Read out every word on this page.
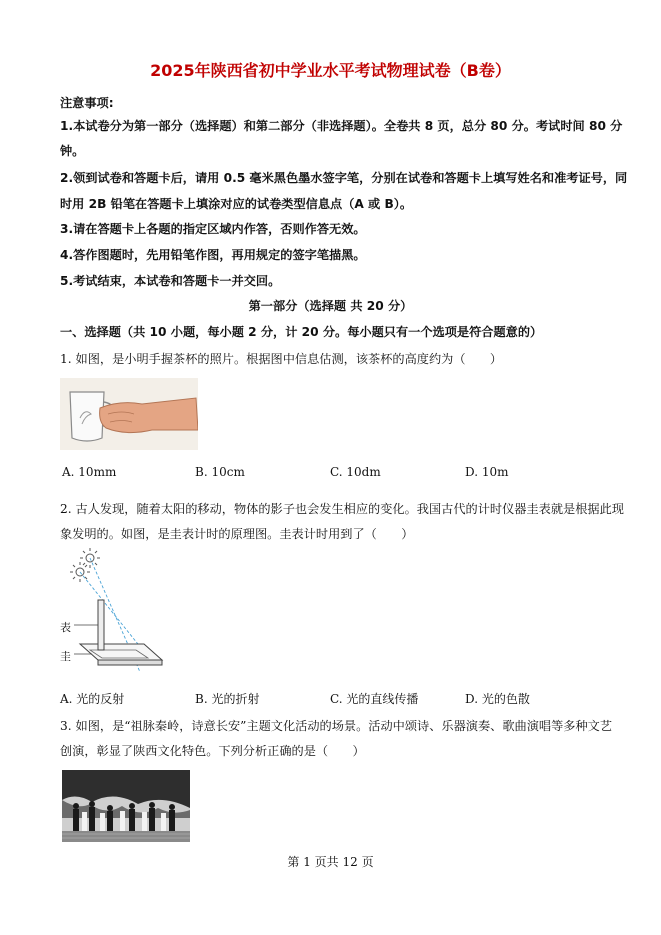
2025年陕西省初中学业水平考试物理试卷（B卷）
注意事项:
1.本试卷分为第一部分（选择题）和第二部分（非选择题）。全卷共 8 页，总分 80 分。考试时间 80 分
钟。
2.领到试卷和答题卡后，请用 0.5 毫米黑色墨水签字笔，分别在试卷和答题卡上填写姓名和准考证号，同
时用 2B 铅笔在答题卡上填涂对应的试卷类型信息点（A 或 B）。
3.请在答题卡上各题的指定区域内作答，否则作答无效。
4.答作图题时，先用铅笔作图，再用规定的签字笔描黑。
5.考试结束，本试卷和答题卡一并交回。
第一部分（选择题 共 20 分）
一、选择题（共 10 小题，每小题 2 分，计 20 分。每小题只有一个选项是符合题意的）
1. 如图，是小明手握茶杯的照片。根据图中信息估测，该茶杯的高度约为（　　）
A. 10mm	B. 10cm	C. 10dm	D. 10m
2. 古人发现，随着太阳的移动，物体的影子也会发生相应的变化。我国古代的计时仪器圭表就是根据此现
象发明的。如图，是圭表计时的原理图。圭表计时用到了（　　）
表
圭
A. 光的反射	B. 光的折射	C. 光的直线传播	D. 光的色散
3. 如图，是“祖脉秦岭，诗意长安”主题文化活动的场景。活动中颂诗、乐器演奏、歌曲演唱等多种文艺
创演，彰显了陕西文化特色。下列分析正确的是（　　）
第 1 页共 12 页
